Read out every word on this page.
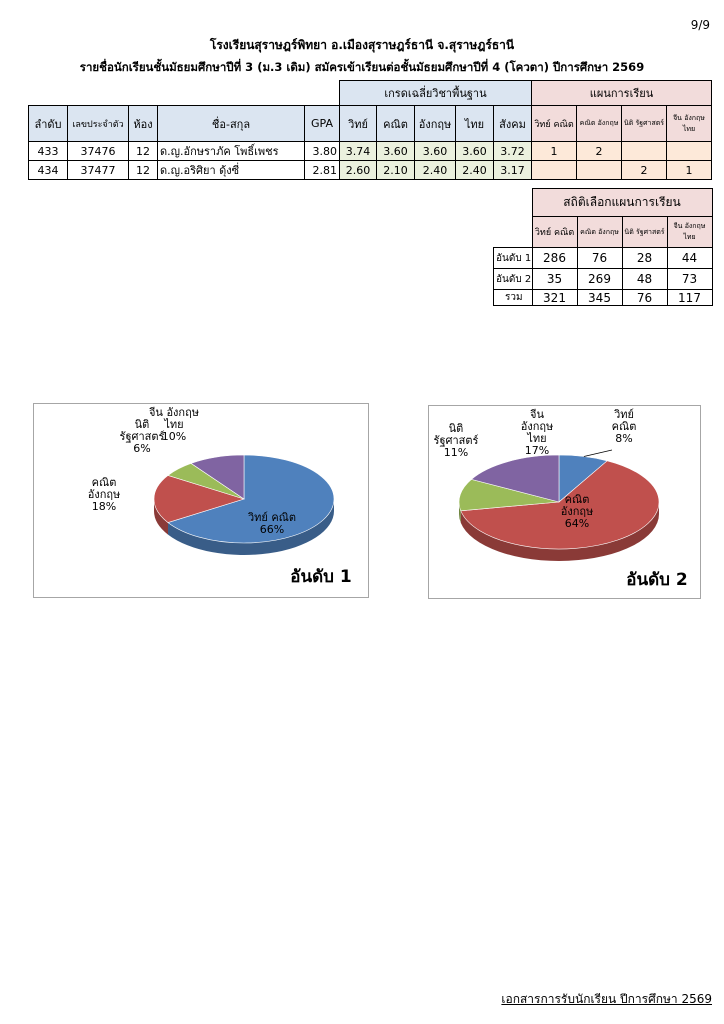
9/9
โรงเรียนสุราษฎร์พิทยา อ.เมืองสุราษฎร์ธานี จ.สุราษฎร์ธานี
รายชื่อนักเรียนชั้นมัธยมศึกษาปีที่ 3 (ม.3 เดิม) สมัครเข้าเรียนต่อชั้นมัธยมศึกษาปีที่ 4 (โควตา) ปีการศึกษา 2569
					เกรดเฉลี่ยวิชาพื้นฐาน					แผนการเรียน			
ลำดับ	เลขประจำตัว	ห้อง	ชื่อ-สกุล	GPA	วิทย์	คณิต	อังกฤษ	ไทย	สังคม	วิทย์ คณิต	คณิต อังกฤษ	นิติ รัฐศาสตร์	จีน อังกฤษ ไทย
433	37476	12	ด.ญ.อักษราภัค โพธิ์เพชร	3.80	3.74	3.60	3.60	3.60	3.72	1	2		
434	37477	12	ด.ญ.อริศิยา ดุ้งซี่	2.81	2.60	2.10	2.40	2.40	3.17			2	1
	สถิติเลือกแผนการเรียน			
	วิทย์ คณิต	คณิต อังกฤษ	นิติ รัฐศาสตร์	จีน อังกฤษ ไทย
อันดับ 1	286	76	28	44
อันดับ 2	35	269	48	73
รวม	321	345	76	117
วิทย์ คณิต 66%
คณิตอังกฤษ 18%
นิติรัฐศาสตร์ 6%
จีน อังกฤษไทย 10%
อันดับ 1
วิทย์คณิต 8%
คณิตอังกฤษ 64%
นิติรัฐศาสตร์ 11%
จีนอังกฤษไทย 17%
อันดับ 2
เอกสารการรับนักเรียน ปีการศึกษา 2569
